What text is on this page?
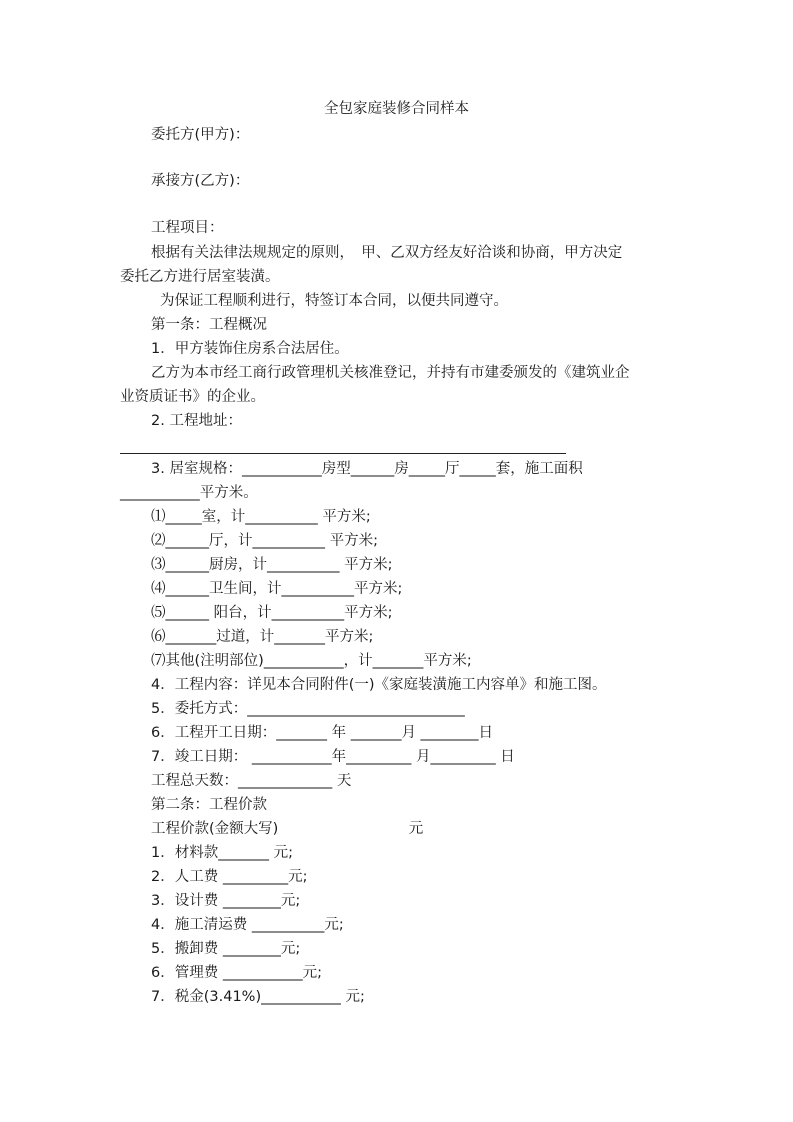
全包家庭装修合同样本
委托方(甲方)：
承接方(乙方)：
工程项目：
根据有关法律法规规定的原则，　甲、乙双方经友好洽谈和协商，甲方决定
委托乙方进行居室装潢。
为保证工程顺利进行，特签订本合同，以便共同遵守。
第一条：工程概况
1．甲方装饰住房系合法居住。
乙方为本市经工商行政管理机关核准登记，并持有市建委颁发的《建筑业企
业资质证书》的企业。
2. 工程地址：
3. 居室规格：___________房型______房_____厅_____套，施工面积
___________平方米。
⑴_____室，计__________ 平方米;
⑵______厅，计__________ 平方米;
⑶______厨房，计__________ 平方米;
⑷______卫生间，计__________平方米;
⑸______ 阳台，计__________平方米;
⑹_______过道，计_______平方米;
⑺其他(注明部位)___________，计_______平方米;
4．工程内容：详见本合同附件(一)《家庭装潢施工内容单》和施工图。
5．委托方式：______________________________
6．工程开工日期：_______ 年 _______月 ________日
7．竣工日期： ___________年_________ 月_________ 日
工程总天数：_____________ 天
第二条：工程价款
工程价款(金额大写)　　　　　　　　　元
1．材料款_______ 元;
2．人工费 _________元;
3．设计费 ________元;
4．施工清运费 __________元;
5．搬卸费 ________元;
6．管理费 ___________元;
7．税金(3.41%)___________ 元;
